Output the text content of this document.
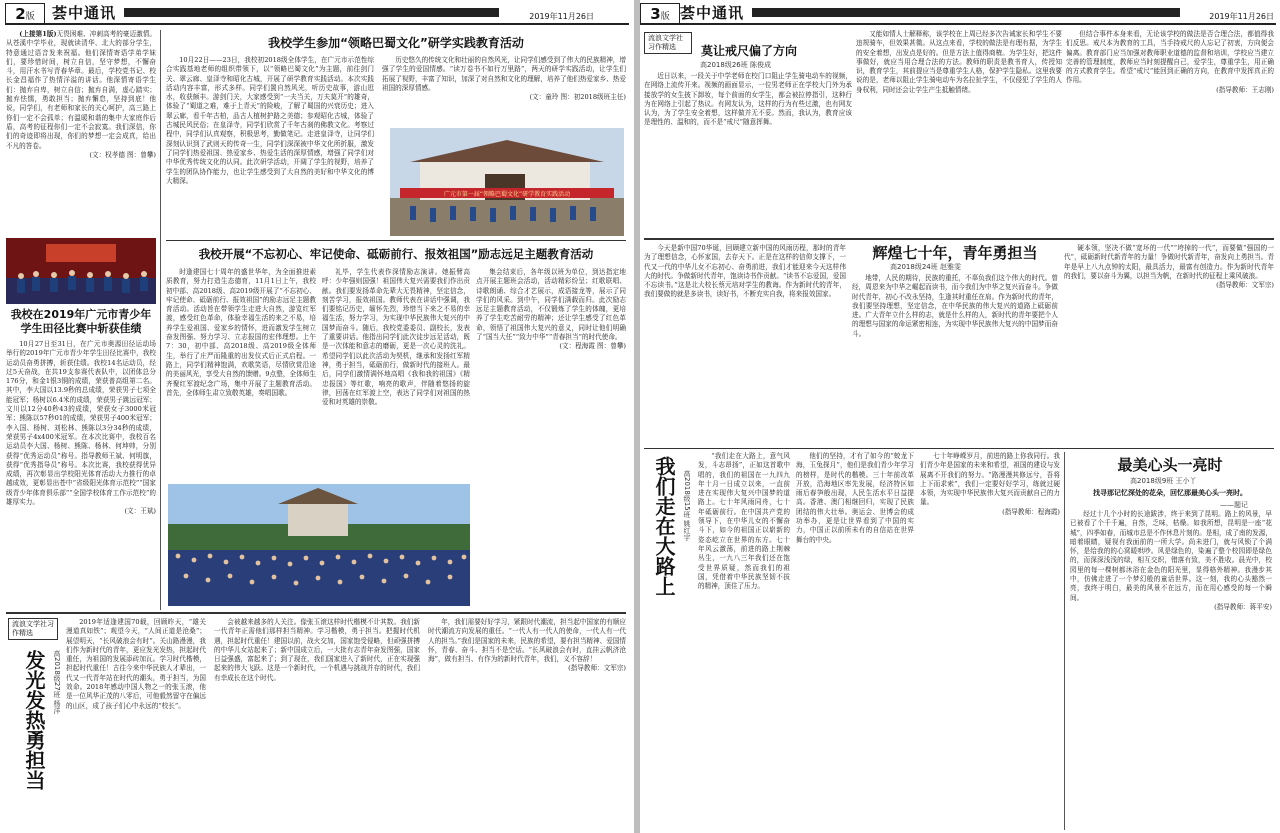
2版	荟中通讯	2019年11月26日

(上接第1版)无畏困难、冲刺高考的豪迈激情。从苍溪中学毕业，现就读清华、北大的部分学生，特意通过语音发来祝福。他们深情寄语学弟学妹们，要珍惜时间，树立自信，坚守梦想，不懈奋斗，用汗水书写青春华章。最后，学校党书记、校长金昌福作了热情洋溢的讲话。他深情寄语学生们：抛弃自卑，树立自信；抛弃自满，虚心踏实；抛弃怯懦，勇敢担当；抛弃懈怠，坚持到底！他说，同学们，有老师和家长的关心呵护，高三路上你们一定不会孤单；有温暖和谐的集中大家庭作后盾，高考的征程你们一定不会寂寞。我们深信，你们的奇迹即将出现，你们的梦想一定会成真，给出不凡的答卷。

(文：权孝德 图：曾攀)
我校在2019年广元市青少年学生田径比赛中斩获佳绩

10月27日至31日，在广元市奥源田径运动场举行的2019年广元市青少年学生田径比赛中，我校运动员奋勇拼搏，斩获佳绩。我校14名运动员，经过5天奋战，在共19支参赛代表队中，以团体总分176分，和金1银3铜的成绩，荣获普高组第二名。其中，李大国以13.9秒的总成绩，荣获男子七项全能冠军；杨树以6.4米的成绩，荣获男子跳远冠军；文川以12分40秒43的成绩，荣获女子3000米冠军；熊陈以57秒01的成绩，荣获男子400米冠军；李入国、杨树、刘松林、熊陈以3分34秒的成绩，荣获男子4x400米冠军。在本次比赛中，我校百名运动员李大国、杨树、熊陈、杨林、何坤帅，分别获得“优秀运动员”称号。指导教师王斌、何明旗，获得“优秀指导员”称号。本次比赛，我校获得优异成绩，再次彰显出学校阳光体育活动大力推行的卓越成效，更彰显出苍中“省级阳光体育示范校”“国家级青少年体育俱乐部”“全国学校体育工作示范校”的雄厚实力。

(文：王斌)
我校学生参加“领略巴蜀文化”研学实践教育活动

10月22日——23日，我校初2018级全体学生，在广元市示范性综合实践基地老师的组织带领下，以“领略巴蜀文化”为主题，前往剑门关、翠云廊、皇泽寺和昭化古城，开展了研学教育实践活动。本次实践活动内容丰富，形式多样。同学们置自然风光，听历史故事，游山逛水，收获颇丰。游剑门关，大家感受到“一夫当关，万夫莫开”的雄奇，体验了“蜀道之难，难于上青天”的险峻，了解了蜀国的兴衰历史；进入翠云廊，看千年古柏，品古人植树护路之美德；参观昭化古城，体验了古城民风民俗；在皇泽寺，同学们欣赏了千年古刹的佛教文化。考察过程中，同学们认真观察，积极思考，勤做笔记。走进皇泽寺，让同学们深刻认识到了武则天的传奇一生，同学们深深被中华文化所折服，激发了同学们热爱祖国、热爱家乡、热爱生活的深厚情感，增强了同学们对中华优秀传统文化的认同。此次研学活动，开阔了学生的视野，培养了学生的团队协作能力，也让学生感受到了大自然的美好和中华文化的博大精深。

历史悠久的传统文化和壮丽的自然风光，让同学们感受到了伟大的民族精神，增强了学生的爱国情感。“读万卷书不如行万里路”，两天的研学实践活动，让学生们拓展了视野，丰富了知识，加深了对自然和文化的理解，培养了他们热爱家乡、热爱祖国的深厚情感。

(文：童玲 图：初2018级班主任)
广元市第一届“领略巴蜀文化”研学教育实践活动
我校开展“不忘初心、牢记使命、砥砺前行、报效祖国”励志远足主题教育活动

时逢建国七十周年的盛世华年，为全面推进素质教育，努力打造生态德育，11月1日上午，我校初中部、高2018级、高2019级开展了“不忘初心、牢记使命、砥砺前行、报效祖国”的励志远足主题教育活动。活动旨在带领学生走进大自然，游览红军渡，感受红色革命，体验幸福生活的来之不易，培养学生爱祖国、爱家乡的情怀，进而激发学生树立奋发图强、努力学习、立志报国的宏伟理想。上午7：30，初中部、高2018级、高2019级全体师生，举行了庄严而隆重的出发仪式后正式启程。一路上，同学们精神饱满，欢歌笑语，尽情欣赏沿途的美丽风光，享受大自然的馈赠。9点整，全体师生齐聚红军渡纪念广场，集中开展了主题教育活动。首先，全体师生肃立致敬英雄，奏唱国歌。

礼毕，学生代表作深情励志演讲。她振臂高呼：少年强则国强！祖国伟大复兴需要我们作出贡献。我们要发扬革命先辈大无畏精神，坚定信念，刻苦学习，报效祖国。教师代表在讲话中强调，我们要铭记历史，缅怀先烈，珍惜当下来之不易的幸福生活，努力学习，为实现中华民族伟大复兴的中国梦而奋斗。随后，我校党委委员、副校长，发表了重要讲话。他指出同学们此次徒步远足活动，既是一次体能和意志的磨砺，更是一次心灵的洗礼。希望同学们以此次活动为契机，继承和发扬红军精神，勇于担当，砥砺前行，做新时代的接班人。最后，同学们激情满怀地高唱《我和我的祖国》《精忠报国》等红歌，响亮的歌声，伴随着悠扬的旋律，回荡在红军渡上空，表达了同学们对祖国的热爱和对英雄的崇敬。

集会结束后，各年级以班为单位，到达指定地点开展主题班会活动，活动精彩纷呈；红歌联唱、诗歌朗诵、综合才艺展示，成语接龙等，展示了同学们的风采。到中午，同学们满载而归。此次励志远足主题教育活动，不仅锻炼了学生的体魄，更培养了学生吃苦耐劳的精神；还让学生感受了红色革命，领悟了祖国伟大复兴的意义，同时让他们明确了“国当大任”“致力中华”“青春担当”的时代使命。

(文：程海霞 图：曾攀)
流浪文学社习作精选
发光发热勇担当	高2018级27班 杨洋

2019年适逢建国70载，回顾昨天，“雄关漫道真如铁”；观望今天，“人间正道是沧桑”；展望明天，“长风破浪会有时”。关山路漫漫，我们作为新时代的青年，更应发光发热，担起时代重任，为祖国的发展添砖加瓦。学习时代楷模，担起时代重任！古往今来中华民族人才辈出，一代又一代青年站在时代的潮头，勇于担当，为国效命。2018年感动中国人物之一的张玉滚，他是一位风华正茂的八零后，可他毅然留守在偏远的山区，成了孩子们心中永远的“校长”。

会被越来越多的人关注。像张玉滚这样时代楷模不计其数。我们新一代青年正需他们那样担当精神。学习楷模，勇于担当。把握时代机遇，担起时代重任！建国以前，战火交加，国家饱受侵略，但顽强拼搏的中华儿女站起来了；新中国成立后，一大批有志青年奋发图强，国家日益强盛，富起来了；到了现在，我们国家进入了新时代，正在实现强起来的伟大飞跃。这是一个新时代，一个机遇与挑战并存的时代，我们有幸成长在这个时代。

年，我们需要好好学习，紧跟时代潮流，担当起中国家的有顺应时代潮流方向发展的重任。“一代人有一代人的使命，一代人有一代人的担当。”我们是国家的未来，民族的希望，要有担当精神、爱国情怀，青春、奋斗、担当不是空话。“长风破浪会有时，直挂云帆济沧海”，做有担当、有作为的新时代青年，我们，义不容辞！

(指导教师：文军宗)
3版 荟中通讯	2019年11月26日
流浪文学社习作精选	莫让戒尺偏了方向
高2018级26班 陈俊成

近日以来，一段关于中学老师在校门口阻止学生骑电动车的视频，在网络上流传开来。视频的画面显示，一位男老师正在学校大门外为承接放学的女生披下卸妆，每个前面的女学生，都会被拉停指引，这种行为在网络上引起了热议。有网友认为，这样的行为有些过激，也有网友认为，为了学生安全着想，这样做并无不妥。然而，我认为，教育应该是理性的、温和的，而不是“戒尺”随意挥舞。

又能如情人士解释称，该学校在上周已经多次告诫家长和学生不要违规骑车，但效果甚微。从这点来看，学校的做法是有理有据，为学生的安全着想，出发点是好的。但是方法上值得商榷。为学生好，把这件事做好，就应当用合理合法的方法。教师的职责是教书育人，传授知识，教育学生，其前提应当是尊重学生人格，保护学生隐私。这里我要说的是，老师以阻止学生骑电动车为名拉扯学生，不仅侵犯了学生的人身权利，同时还会让学生产生抵触情绪。

但结合事件本身来看，无论该学校的做法是否合理合法，都值得我们反思。戒尺本为教育的工具，当手持戒尺的人忘记了初衷，方向便会偏离。教育部门应当加强对教师职业道德的监督和培训，学校应当建立完善的管理制度，教师应当时刻提醒自己，爱学生，尊重学生，用正确的方式教育学生。希望“戒尺”能回到正确的方向，在教育中发挥真正的作用。

(指导教师：王志刚)
辉煌七十年，青年勇担当
高2018级24班 赵雅雯

今天是新中国70华诞，回顾建立新中国的风雨历程，那时的青年为了理想信念，心怀家国，去存天下。正是在这样的信仰支撑下，一代又一代的中华儿女不忘初心、奋勇前进，我们才能迎来今天这样伟大的时代。争做新时代青年，饱读诗书作贡献。“读书不忘爱国，爱国不忘读书。”这是北大校长蔡元培对学生的教诲。作为新时代的青年，我们要做的就是多读书，读好书，不断充实自我，将来报效国家。

地带，人民的期待，民族的重托，不辜负我们这个伟大的时代。曾经，周恩来为中华之崛起而读书，而今我们为中华之复兴而奋斗。争做时代青年，初心不改永坚持，生逢其时重任在肩。作为新时代的青年，我们要坚持理想，坚定信念，在中华民族的伟大复兴的道路上砥砺前进。广大青年立什么样的志，就是什么样的人，新时代的青年要把个人的理想与国家的命运紧密相连，为实现中华民族伟大复兴的中国梦而奋斗。

硬本领，坚决不做“宽坏的一代”“垮掉的一代”，而要做“强国的一代”，砥砺新时代新青年的力量！争做时代新青年，奋发向上勇担当。青年是早上八九点钟的太阳，最具活力，最富有创造力。作为新时代青年的我们，要以奋斗为翼，以担当为帆，在新时代的征程上乘风破浪。

(指导教师：文军宗)
我们走在大路上	高2018级15班 姚红宇

“我们走在大路上，意气风发，斗志昂扬”，正如这首歌中唱的，我们的祖国在一九四九年十月一日成立以来，一直前进在实现伟大复兴中国梦的道路上。七十年风雨同舟，七十年砥砺前行。在中国共产党的领导下，在中华儿女的不懈奋斗下，如今的祖国正以崭新的姿态屹立在世界的东方。七十年风云激荡，前进的路上荆棘丛生，一九八三年我们还在饱受世界质疑，然而我们的祖国，凭借着中华民族坚韧不拔的精神，顶住了压力。

他们的坚持，才有了如今的“蛟龙下海，玉兔探月”，他们是我们青少年学习的榜样，是时代的楷模。三十年前改革开放，沿海地区率先发展，经济特区如雨后春笋般出现，人民生活水平日益提高。香港、澳门相继回归，实现了民族团结的伟大壮举。奥运会、世博会的成功举办，更是让世界看到了中国的实力，中国正以前所未有的自信站在世界舞台的中央。

七十年峥嵘岁月，前进的路上你我同行。我们青少年是国家的未来和希望，祖国的建设与发展离不开我们的努力。“路漫漫其修远兮，吾将上下而求索”，我们一定要好好学习，练就过硬本领，为实现中华民族伟大复兴而贡献自己的力量。

(指导教师：程海霞)
最美心头一亮时
高2018级9班 王小丫
找寻那记忆深处的花朵，回忆那最美心头一亮时。
——题记

经过十几个小时的长途跋涉，终于来到了昆明。路上的风景，早已被看了个千千遍，自然，乏味，枯燥。如我所想，昆明是一座“花城”，四季如春，而城市总是不作休息片刻的。是相，成了南的发源，暗着眼睛，疑视有我面前的一所大学。尚未进门，就与风锁了个满怀，是给我的的心窝暖哄吵。风是绿色的，染遍了整个校园即是绿色的，而深深浅浅的绿，相互交织，错落有致，美不胜收。晨光中，校园里的每一棵树都沐浴在金色的阳光里，显得格外精神。我漫步其中，仿佛走进了一个梦幻般的童话世界。这一刻，我的心头豁然一亮，我终于明白，最美的风景不在远方，而在用心感受的每一个瞬间。

(指导教师：蒋平安)
